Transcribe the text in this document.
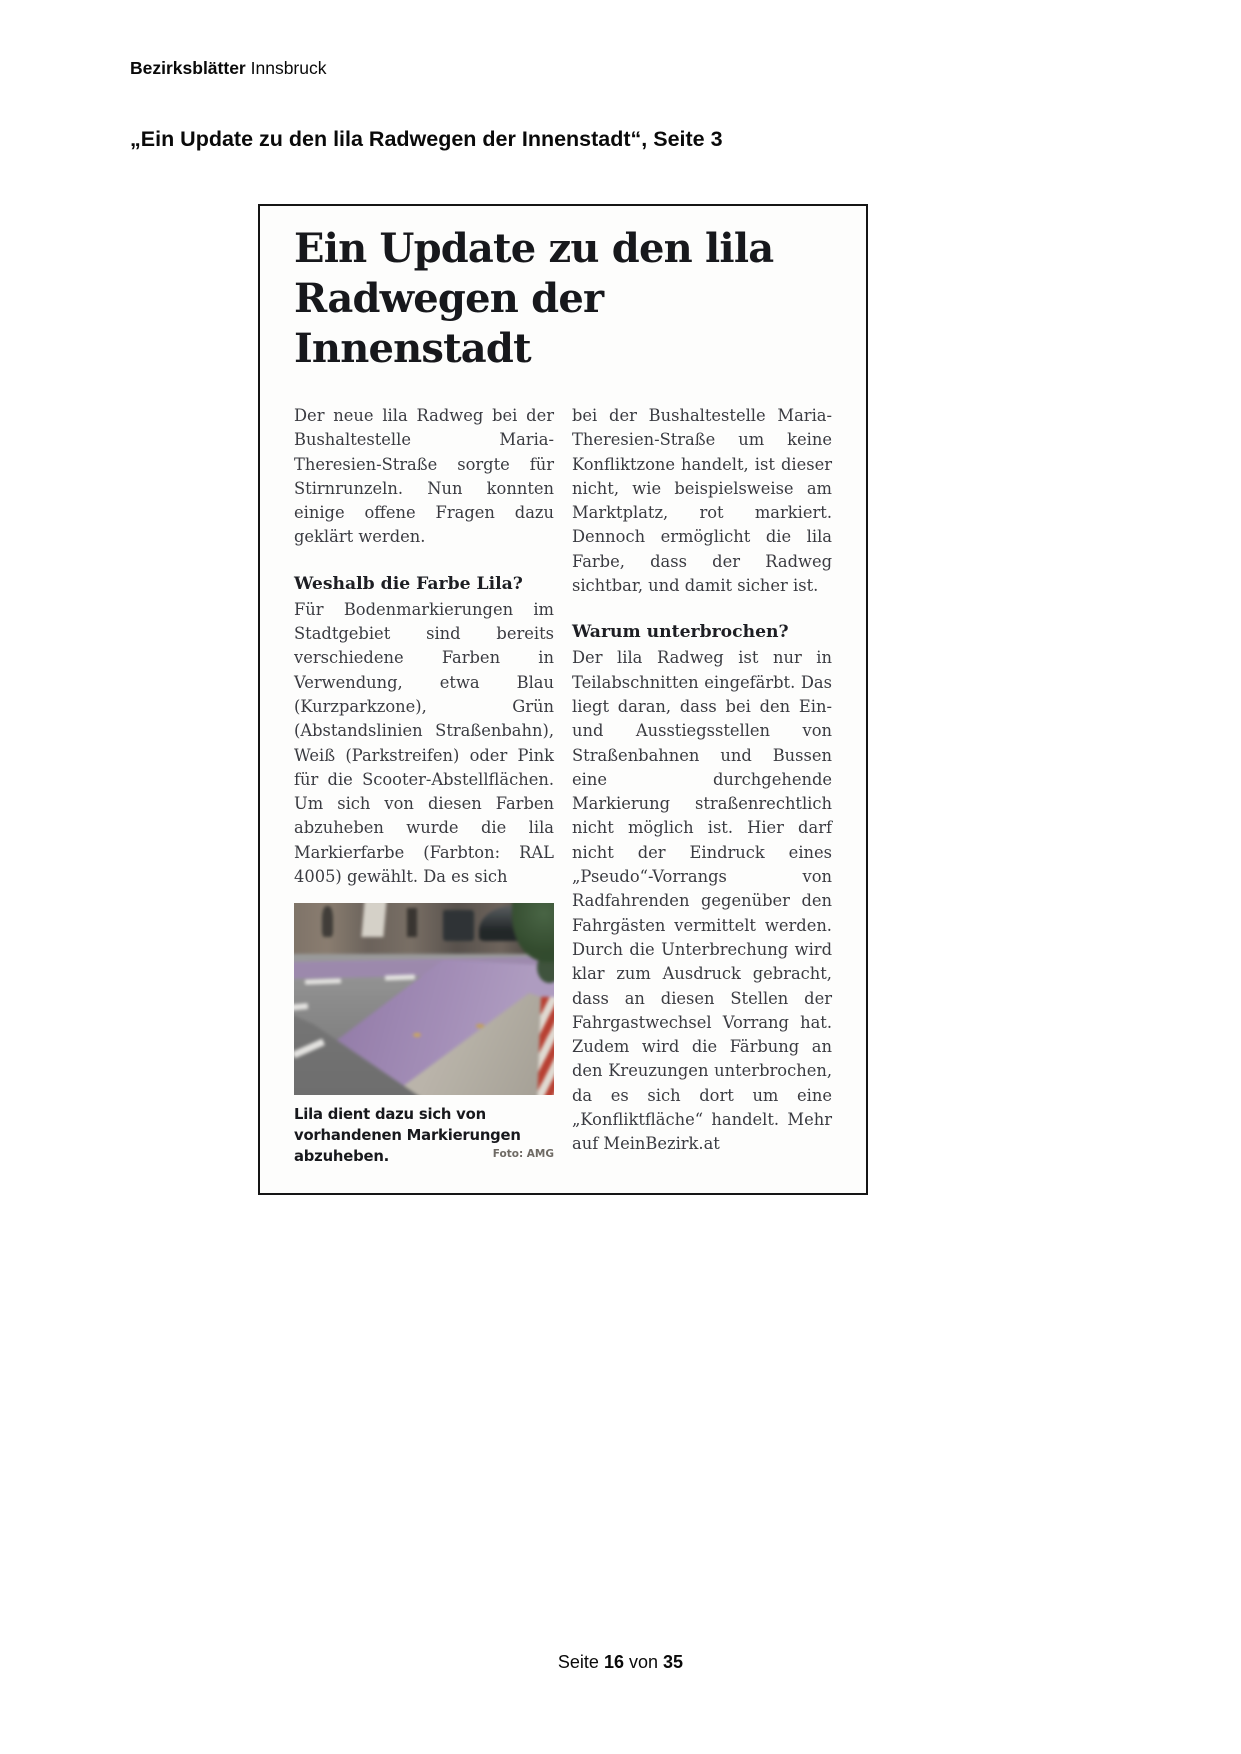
Bezirksblätter Innsbruck
„Ein Update zu den lila Radwegen der Innenstadt“, Seite 3
Ein Update zu den lila Radwegen der Innenstadt

Der neue lila Radweg bei der Bushaltestelle Maria-Theresien-Straße sorgte für Stirnrunzeln. Nun konnten einige offene Fragen dazu geklärt werden.

Weshalb die Farbe Lila?

Für Bodenmarkierungen im Stadtgebiet sind bereits verschiedene Farben in Verwendung, etwa Blau (Kurzparkzone), Grün (Abstandslinien Straßenbahn), Weiß (Parkstreifen) oder Pink für die Scooter-Abstellflächen. Um sich von diesen Farben abzuheben wurde die lila Markierfarbe (Farbton: RAL 4005) gewählt. Da es sich

Lila dient dazu sich von vorhandenen Markierungen abzuheben.	Foto: AMG

bei der Bushaltestelle Maria-Theresien-Straße um keine Konfliktzone handelt, ist dieser nicht, wie beispielsweise am Marktplatz, rot markiert. Dennoch ermöglicht die lila Farbe, dass der Radweg sichtbar, und damit sicher ist.

Warum unterbrochen?

Der lila Radweg ist nur in Teilabschnitten eingefärbt. Das liegt daran, dass bei den Ein- und Ausstiegsstellen von Straßenbahnen und Bussen eine durchgehende Markierung straßenrechtlich nicht möglich ist. Hier darf nicht der Eindruck eines „Pseudo“-Vorrangs von Radfahrenden gegenüber den Fahrgästen vermittelt werden. Durch die Unterbrechung wird klar zum Ausdruck gebracht, dass an diesen Stellen der Fahrgastwechsel Vorrang hat. Zudem wird die Färbung an den Kreuzungen unterbrochen, da es sich dort um eine „Konfliktfläche“ handelt. Mehr auf MeinBezirk.at

Seite 16 von 35
